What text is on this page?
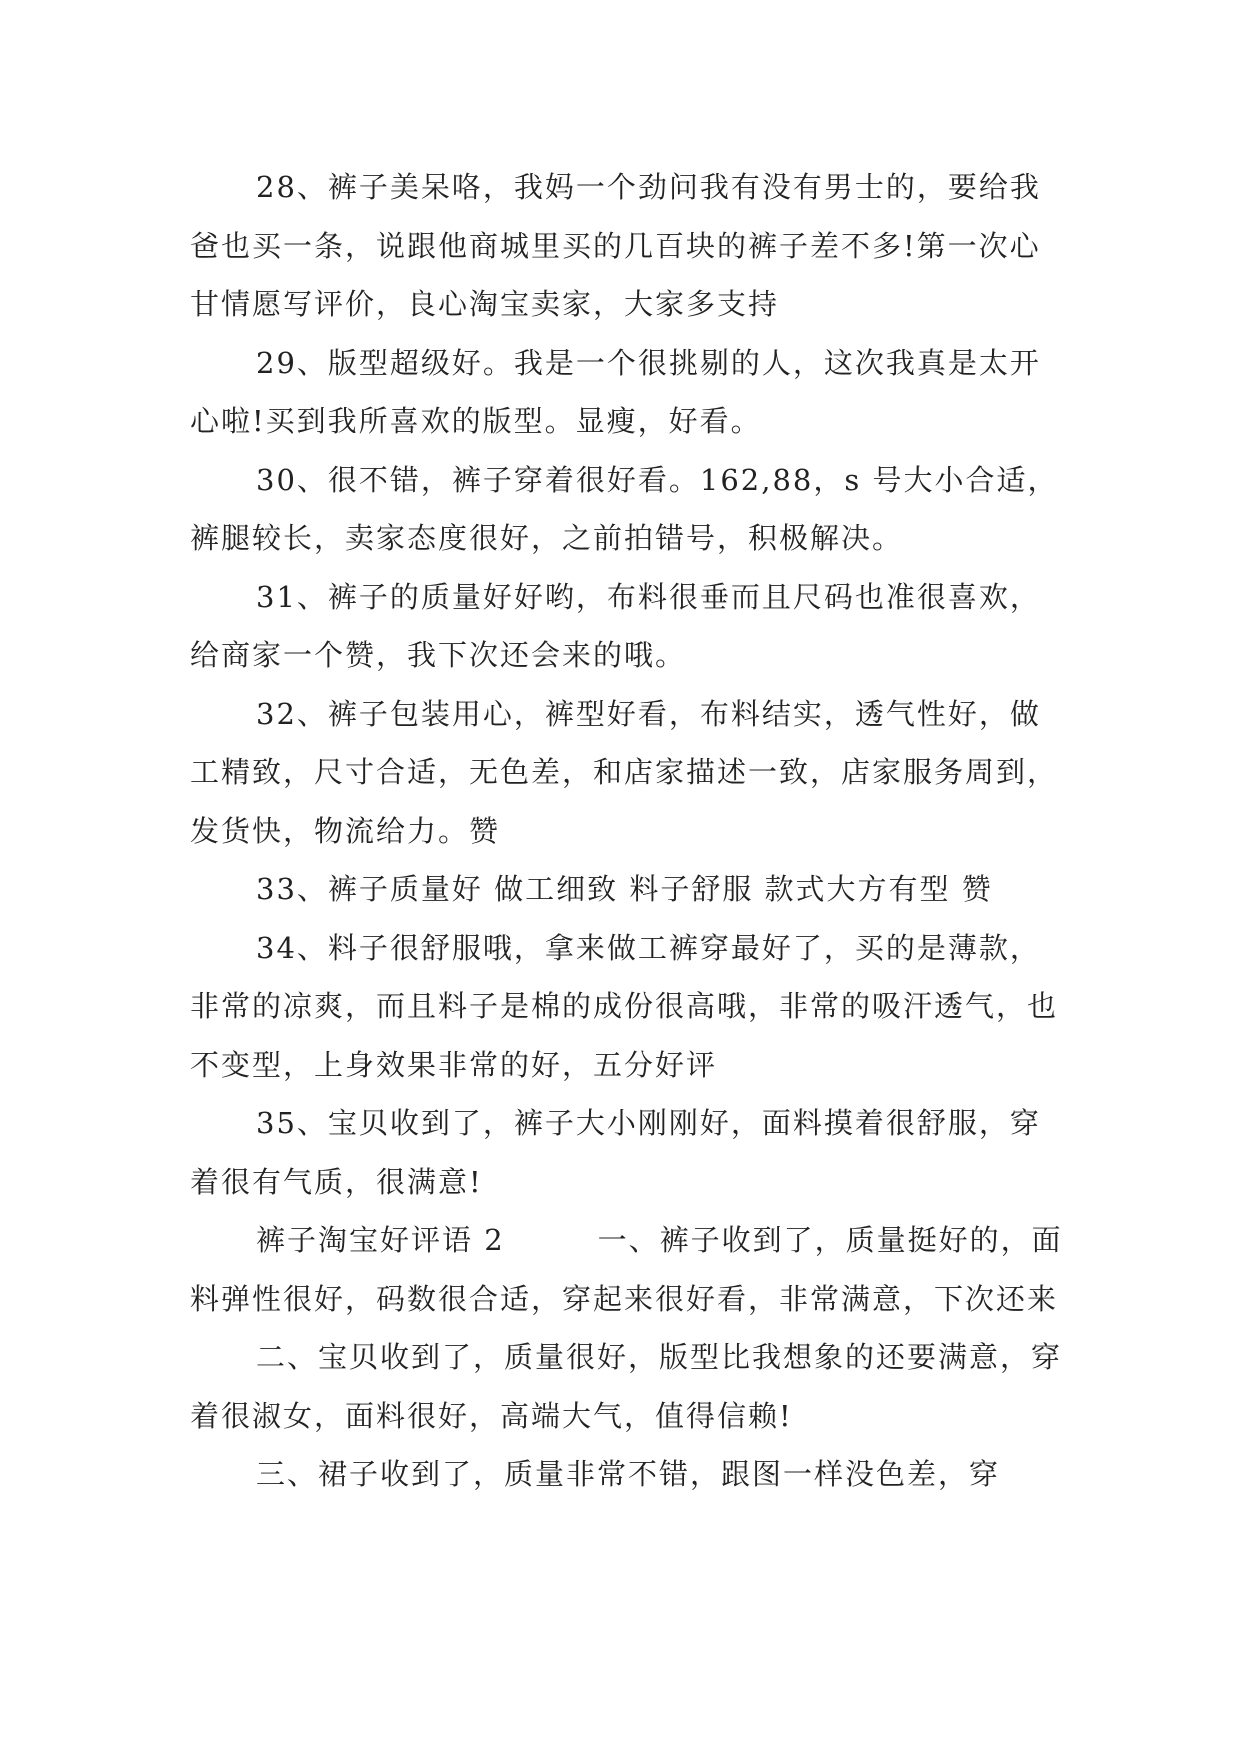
28、裤子美呆咯，我妈一个劲问我有没有男士的，要给我爸也买一条，说跟他商城里买的几百块的裤子差不多!第一次心甘情愿写评价，良心淘宝卖家，大家多支持

29、版型超级好。我是一个很挑剔的人，这次我真是太开心啦!买到我所喜欢的版型。显瘦，好看。

30、很不错，裤子穿着很好看。162,88，s 号大小合适，裤腿较长，卖家态度很好，之前拍错号，积极解决。

31、裤子的质量好好哟，布料很垂而且尺码也准很喜欢，给商家一个赞，我下次还会来的哦。

32、裤子包装用心，裤型好看，布料结实，透气性好，做工精致，尺寸合适，无色差，和店家描述一致，店家服务周到，发货快，物流给力。赞

33、裤子质量好 做工细致 料子舒服 款式大方有型 赞

34、料子很舒服哦，拿来做工裤穿最好了，买的是薄款，非常的凉爽，而且料子是棉的成份很高哦，非常的吸汗透气，也不变型，上身效果非常的好，五分好评

35、宝贝收到了，裤子大小刚刚好，面料摸着很舒服，穿着很有气质，很满意!

裤子淘宝好评语 2　　　一、裤子收到了，质量挺好的，面料弹性很好，码数很合适，穿起来很好看，非常满意，下次还来

二、宝贝收到了，质量很好，版型比我想象的还要满意，穿着很淑女，面料很好，高端大气，值得信赖!

三、裙子收到了，质量非常不错，跟图一样没色差，穿
